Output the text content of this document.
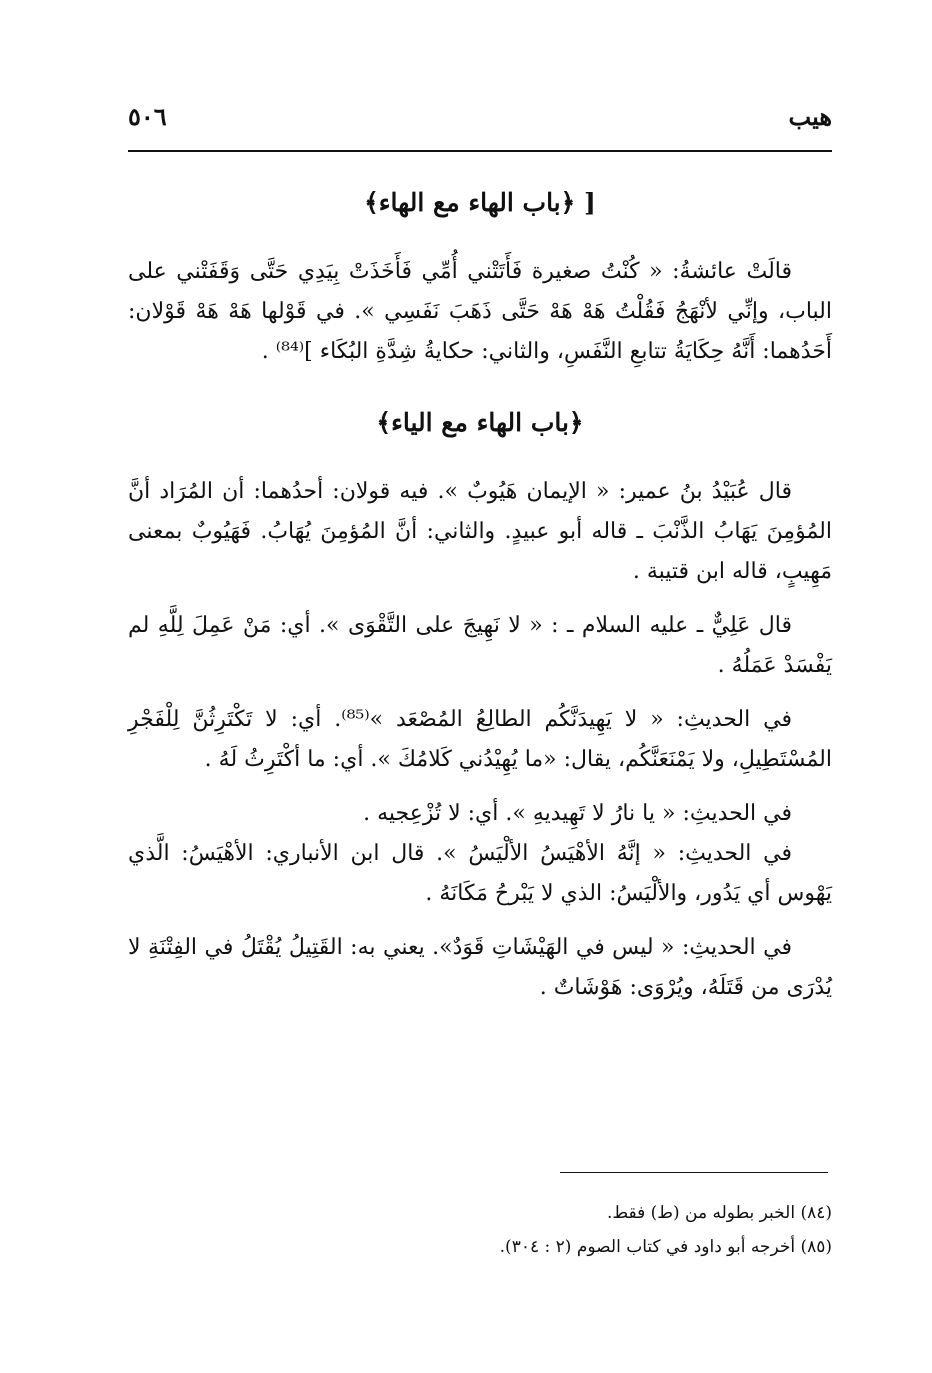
هيب
٥٠٦
[ ﴿باب الهاء مع الهاء﴾

قالَتْ عائشةُ: « كُنْتُ صغيرة فَأَتَتْني أُمِّي فَأَخَذَتْ بِيَدِي حَتَّى وَقَفَتْني على الباب، وإنِّي لأنْهَجُ فَقُلْتُ هَهْ هَهْ حَتَّى ذَهَبَ نَفَسِي ». في قَوْلها هَهْ هَهْ قَوْلان: أَحَدُهما: أَنَّهُ حِكَايَةُ تتابعِ النَّفَسِ، والثاني: حكايةُ شِدَّةِ البُكَاء ]⁽⁸⁴⁾ .

﴿باب الهاء مع الياء﴾

قال عُبَيْدُ بنُ عمير: « الإيمان هَيُوبٌ ». فيه قولان: أحدُهما: أن المُرَاد أنَّ المُؤمِنَ يَهَابُ الذَّنْبَ ـ قاله أبو عبيدٍ. والثاني: أنَّ المُؤمِنَ يُهَابُ. فَهَيُوبٌ بمعنى مَهِيبٍ، قاله ابن قتيبة .

قال عَلِيٌّ ـ عليه السلام ـ : « لا نَهِيجَ على التَّقْوَى ». أي: مَنْ عَمِلَ لِلَّهِ لم يَفْسَدْ عَمَلُهُ .

في الحديثِ: « لا يَهِيدَنَّكُم الطالِعُ المُصْعَد »⁽⁸⁵⁾. أي: لا تَكْتَرِثُنَّ لِلْفَجْرِ المُسْتَطِيلِ، ولا يَمْنَعَنَّكُم، يقال: «ما يُهِيْدُني كَلامُكَ ». أي: ما أكْتَرِثُ لَهُ .

في الحديثِ: « يا نارُ لا تَهِيديهِ ». أي: لا تُزْعِجيه .

في الحديثِ: « إنَّهُ الأهْيَسُ الألْيَسُ ». قال ابن الأنباري: الأهْيَسُ: الَّذي يَهْوس أي يَدُور، والألْيَسُ: الذي لا يَبْرحُ مَكَانَهُ .

في الحديثِ: « ليس في الهَيْشَاتِ قَوَدٌ». يعني به: القَتِيلُ يُقْتَلُ في الفِتْنَةِ لا يُدْرَى من قَتَلَهُ، ويُرْوَى: هَوْشَاتٌ .

(٨٤) الخبر بطوله من (ط) فقط.
(٨٥) أخرجه أبو داود في كتاب الصوم (٢ : ٣٠٤).
